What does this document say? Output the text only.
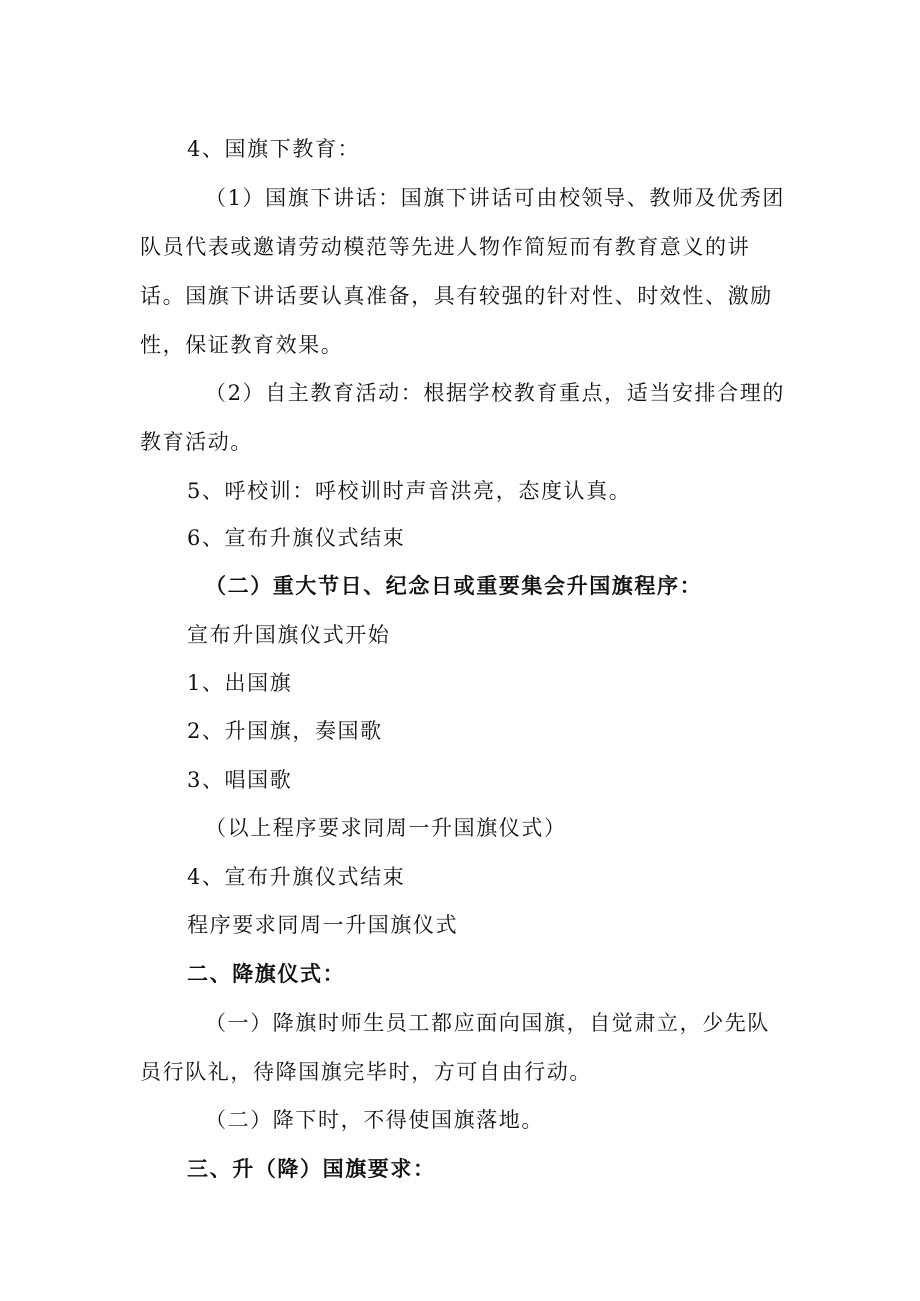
4、国旗下教育：
（1）国旗下讲话：国旗下讲话可由校领导、教师及优秀团
队员代表或邀请劳动模范等先进人物作简短而有教育意义的讲
话。国旗下讲话要认真准备，具有较强的针对性、时效性、激励
性，保证教育效果。
（2）自主教育活动：根据学校教育重点，适当安排合理的
教育活动。
5、呼校训：呼校训时声音洪亮，态度认真。
6、宣布升旗仪式结束
（二）重大节日、纪念日或重要集会升国旗程序：
宣布升国旗仪式开始
1、出国旗
2、升国旗，奏国歌
3、唱国歌
（以上程序要求同周一升国旗仪式）
4、宣布升旗仪式结束
程序要求同周一升国旗仪式
二、降旗仪式：
（一）降旗时师生员工都应面向国旗，自觉肃立，少先队
员行队礼，待降国旗完毕时，方可自由行动。
（二）降下时，不得使国旗落地。
三、升（降）国旗要求：
